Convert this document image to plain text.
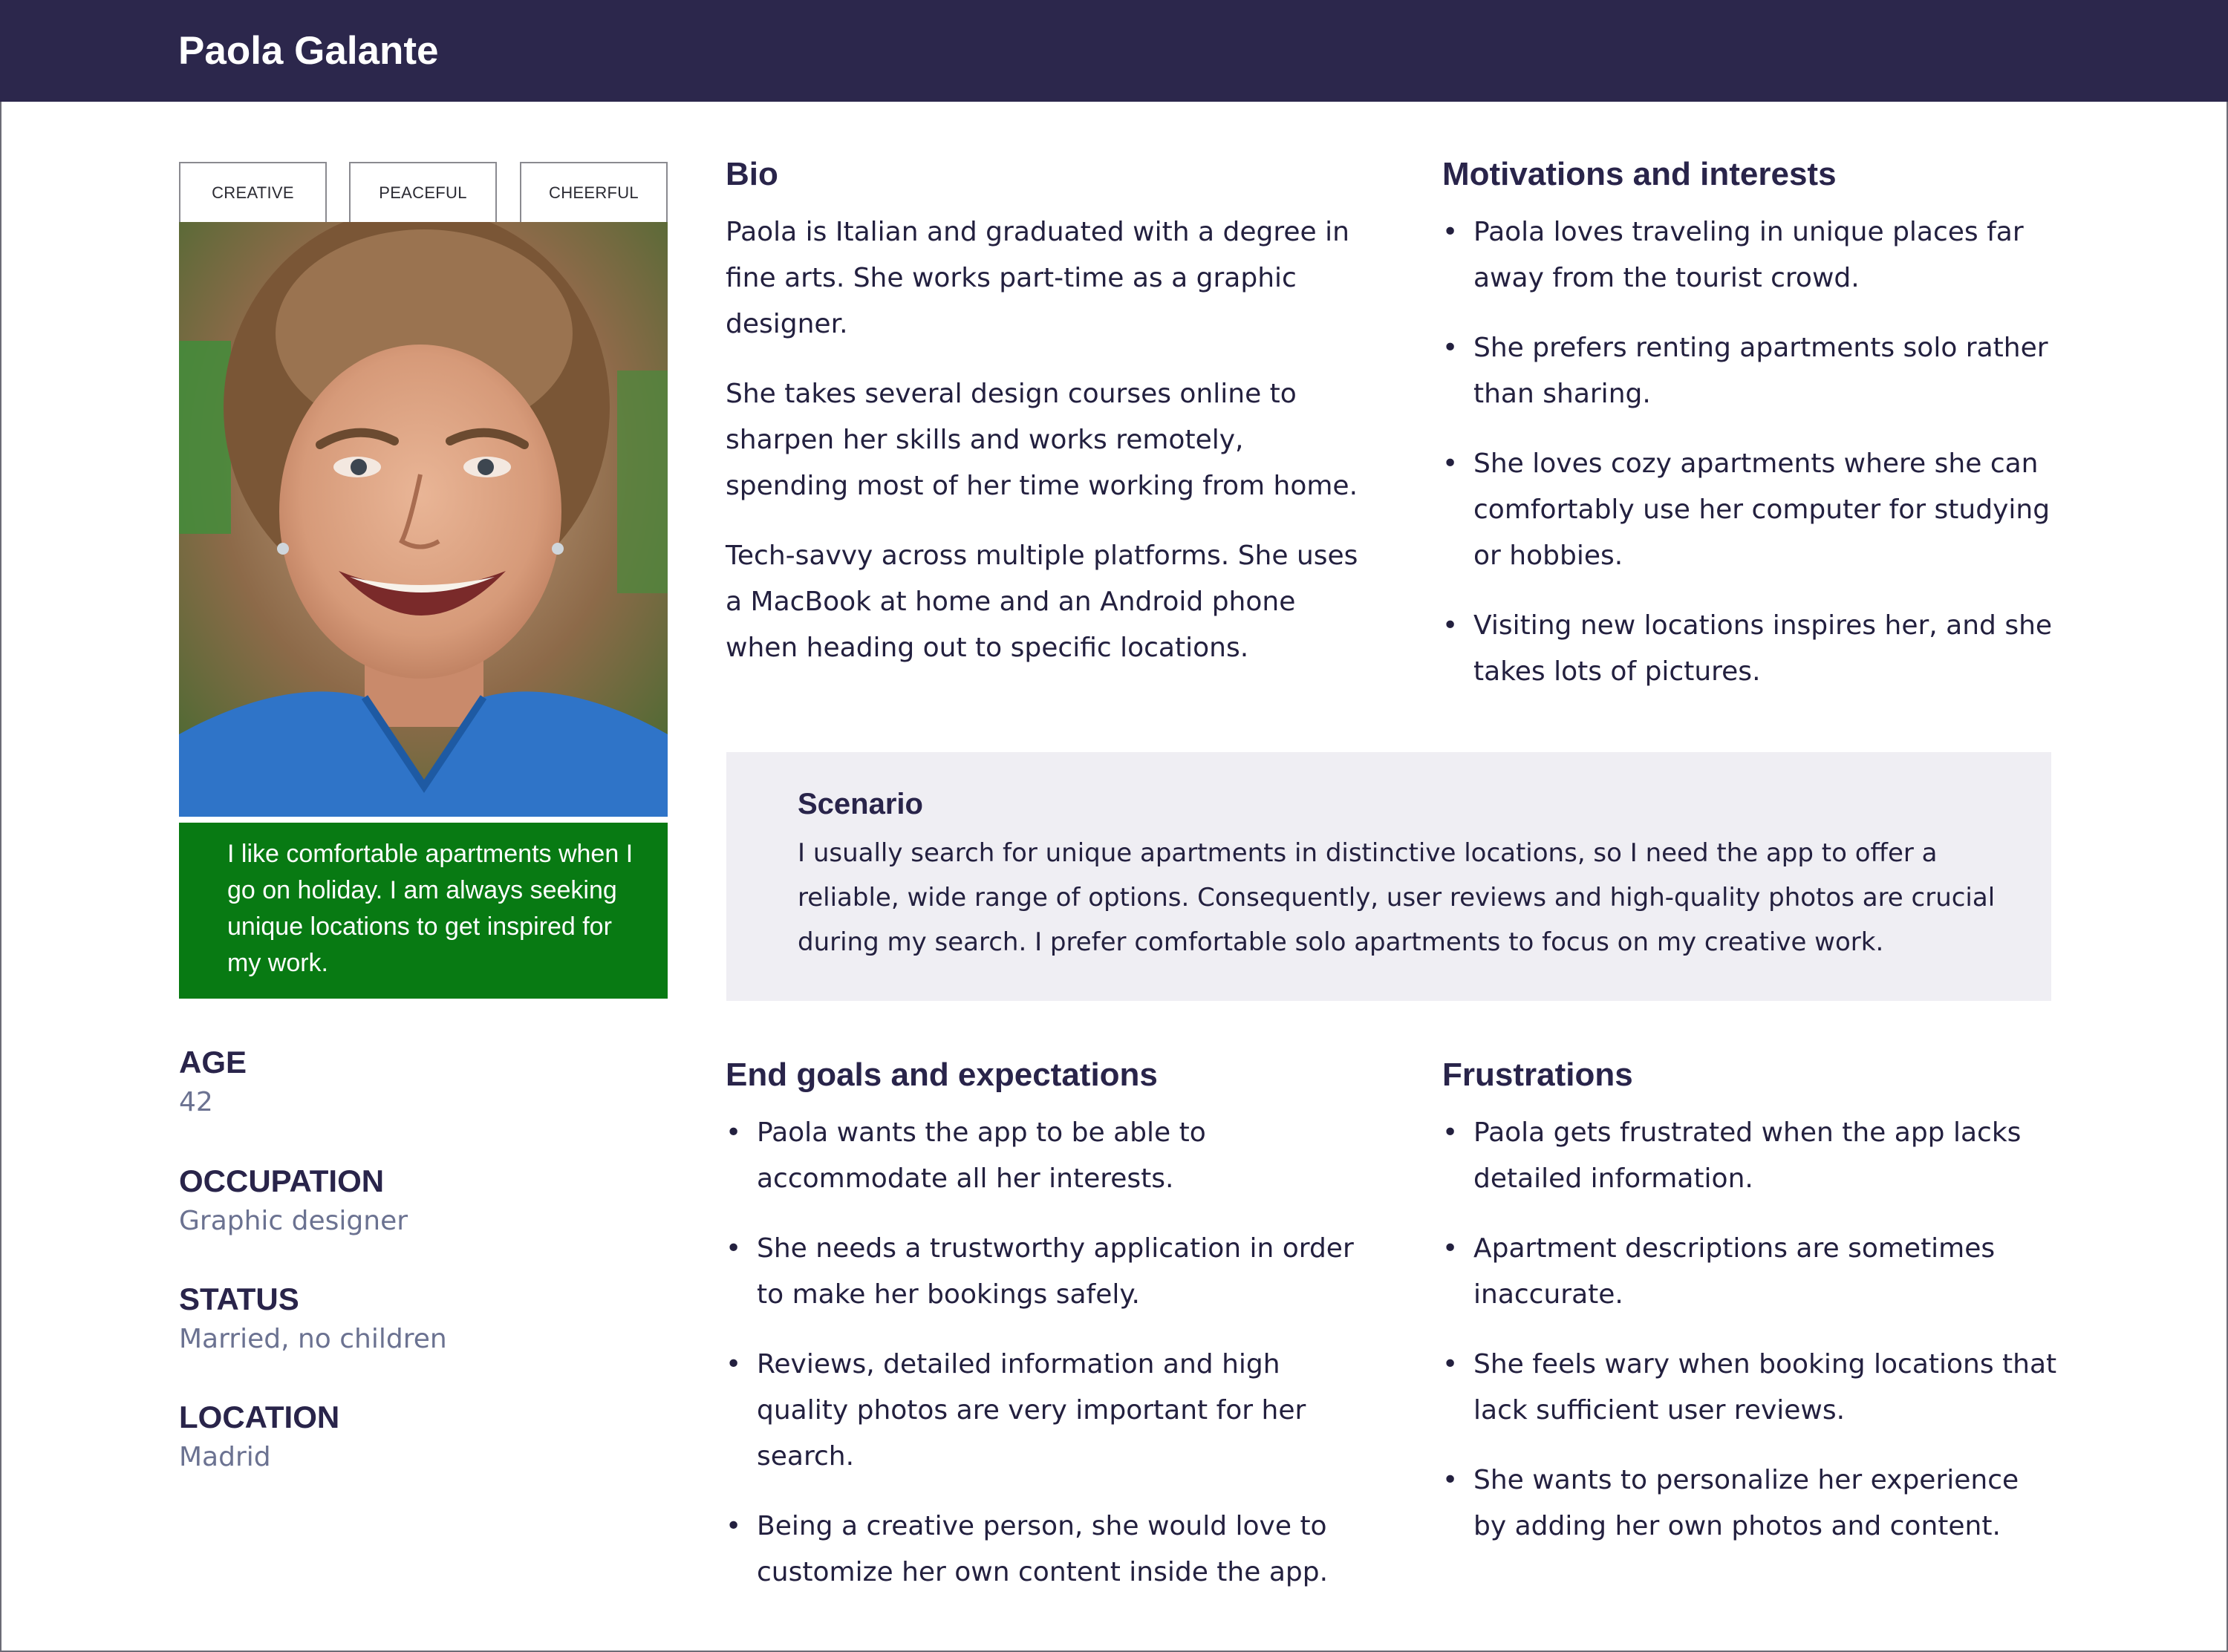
Paola Galante
CREATIVE	PEACEFUL	CHEERFUL

I like comfortable apartments when I go on holiday. I am always seeking unique locations to get inspired for my work.

AGE
42
OCCUPATION
Graphic designer
STATUS
Married, no children
LOCATION
Madrid
Bio

Paola is Italian and graduated with a degree in fine arts. She works part-time as a graphic designer.

She takes several design courses online to sharpen her skills and works remotely, spending most of her time working from home.

Tech-savvy across multiple platforms. She uses a MacBook at home and an Android phone when heading out to specific locations.

Motivations and interests
• Paola loves traveling in unique places far away from the tourist crowd.
• She prefers renting apartments solo rather than sharing.
• She loves cozy apartments where she can comfortably use her computer for studying or hobbies.
• Visiting new locations inspires her, and she takes lots of pictures.
Scenario

I usually search for unique apartments in distinctive locations, so I need the app to offer a reliable, wide range of options. Consequently, user reviews and high-quality photos are crucial during my search. I prefer comfortable solo apartments to focus on my creative work.

End goals and expectations
• Paola wants the app to be able to accommodate all her interests.
• She needs a trustworthy application in order to make her bookings safely.
• Reviews, detailed information and high quality photos are very important for her search.
• Being a creative person, she would love to customize her own content inside the app.
Frustrations
• Paola gets frustrated when the app lacks detailed information.
• Apartment descriptions are sometimes inaccurate.
• She feels wary when booking locations that lack sufficient user reviews.
• She wants to personalize her experience by adding her own photos and content.
